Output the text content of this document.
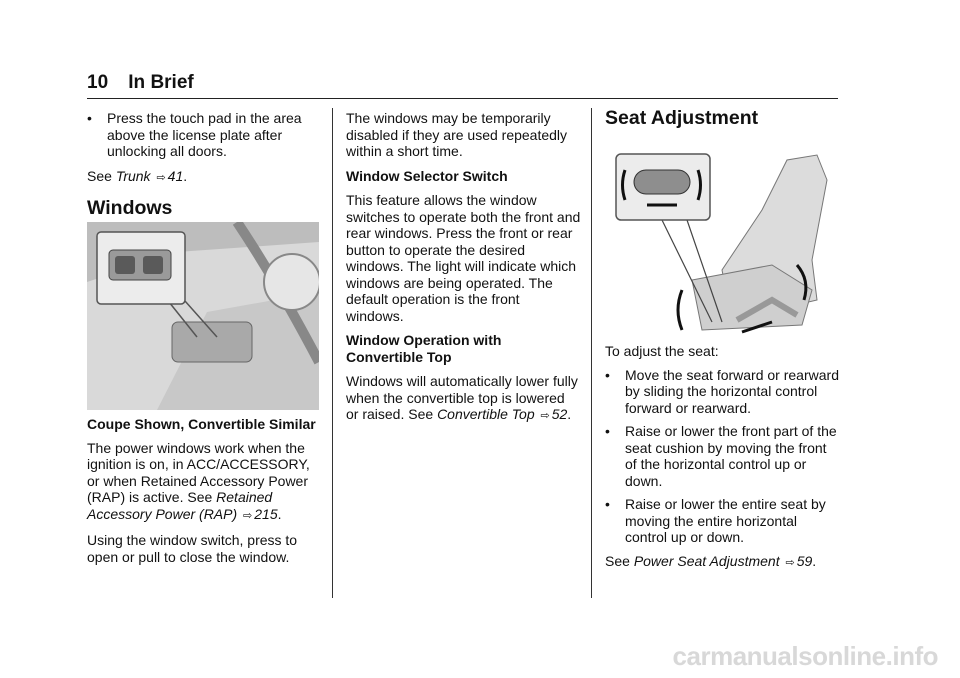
10 In Brief

• Press the touch pad in the area above the license plate after unlocking all doors.

See Trunk ⇨ 41.

Windows

Coupe Shown, Convertible Similar

The power windows work when the ignition is on, in ACC/ACCESSORY, or when Retained Accessory Power (RAP) is active. See Retained Accessory Power (RAP) ⇨ 215.

Using the window switch, press to open or pull to close the window.

The windows may be temporarily disabled if they are used repeatedly within a short time.

Window Selector Switch

This feature allows the window switches to operate both the front and rear windows. Press the front or rear button to operate the desired windows. The light will indicate which windows are being operated. The default operation is the front windows.

Window Operation with Convertible Top

Windows will automatically lower fully when the convertible top is lowered or raised. See Convertible Top ⇨ 52.

Seat Adjustment

To adjust the seat:

• Move the seat forward or rearward by sliding the horizontal control forward or rearward.

• Raise or lower the front part of the seat cushion by moving the front of the horizontal control up or down.

• Raise or lower the entire seat by moving the entire horizontal control up or down.

See Power Seat Adjustment ⇨ 59.

carmanualsonline.info
